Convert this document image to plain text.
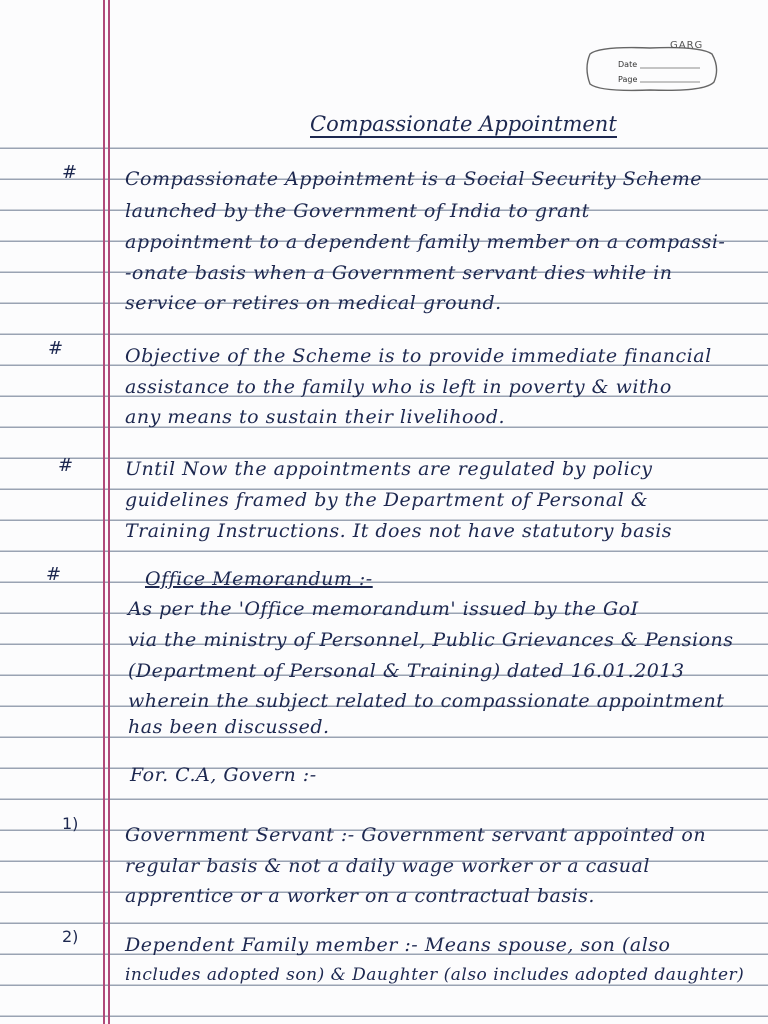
GARG
Date
Page
Compassionate Appointment
#	Compassionate Appointment is a Social Security Scheme
launched by the Government of India to grant
appointment to a dependent family member on a compassi-
-onate basis when a Government servant dies while in
service or retires on medical ground.
#	Objective of the Scheme is to provide immediate financial
assistance to the family who is left in poverty & witho
any means to sustain their livelihood.
#	Until Now the appointments are regulated by policy
guidelines framed by the Department of Personal &
Training Instructions. It does not have statutory basis
#	Office Memorandum :-
As per the 'Office memorandum' issued by the GoI
via the ministry of Personnel, Public Grievances & Pensions
(Department of Personal & Training) dated 16.01.2013
wherein the subject related to compassionate appointment
has been discussed.
For. C.A, Govern :-
1)
Government Servant :- Government servant appointed on
regular basis & not a daily wage worker or a casual
apprentice or a worker on a contractual basis.
2) Dependent Family member :- Means spouse, son (also
includes adopted son) & Daughter (also includes adopted daughter)
